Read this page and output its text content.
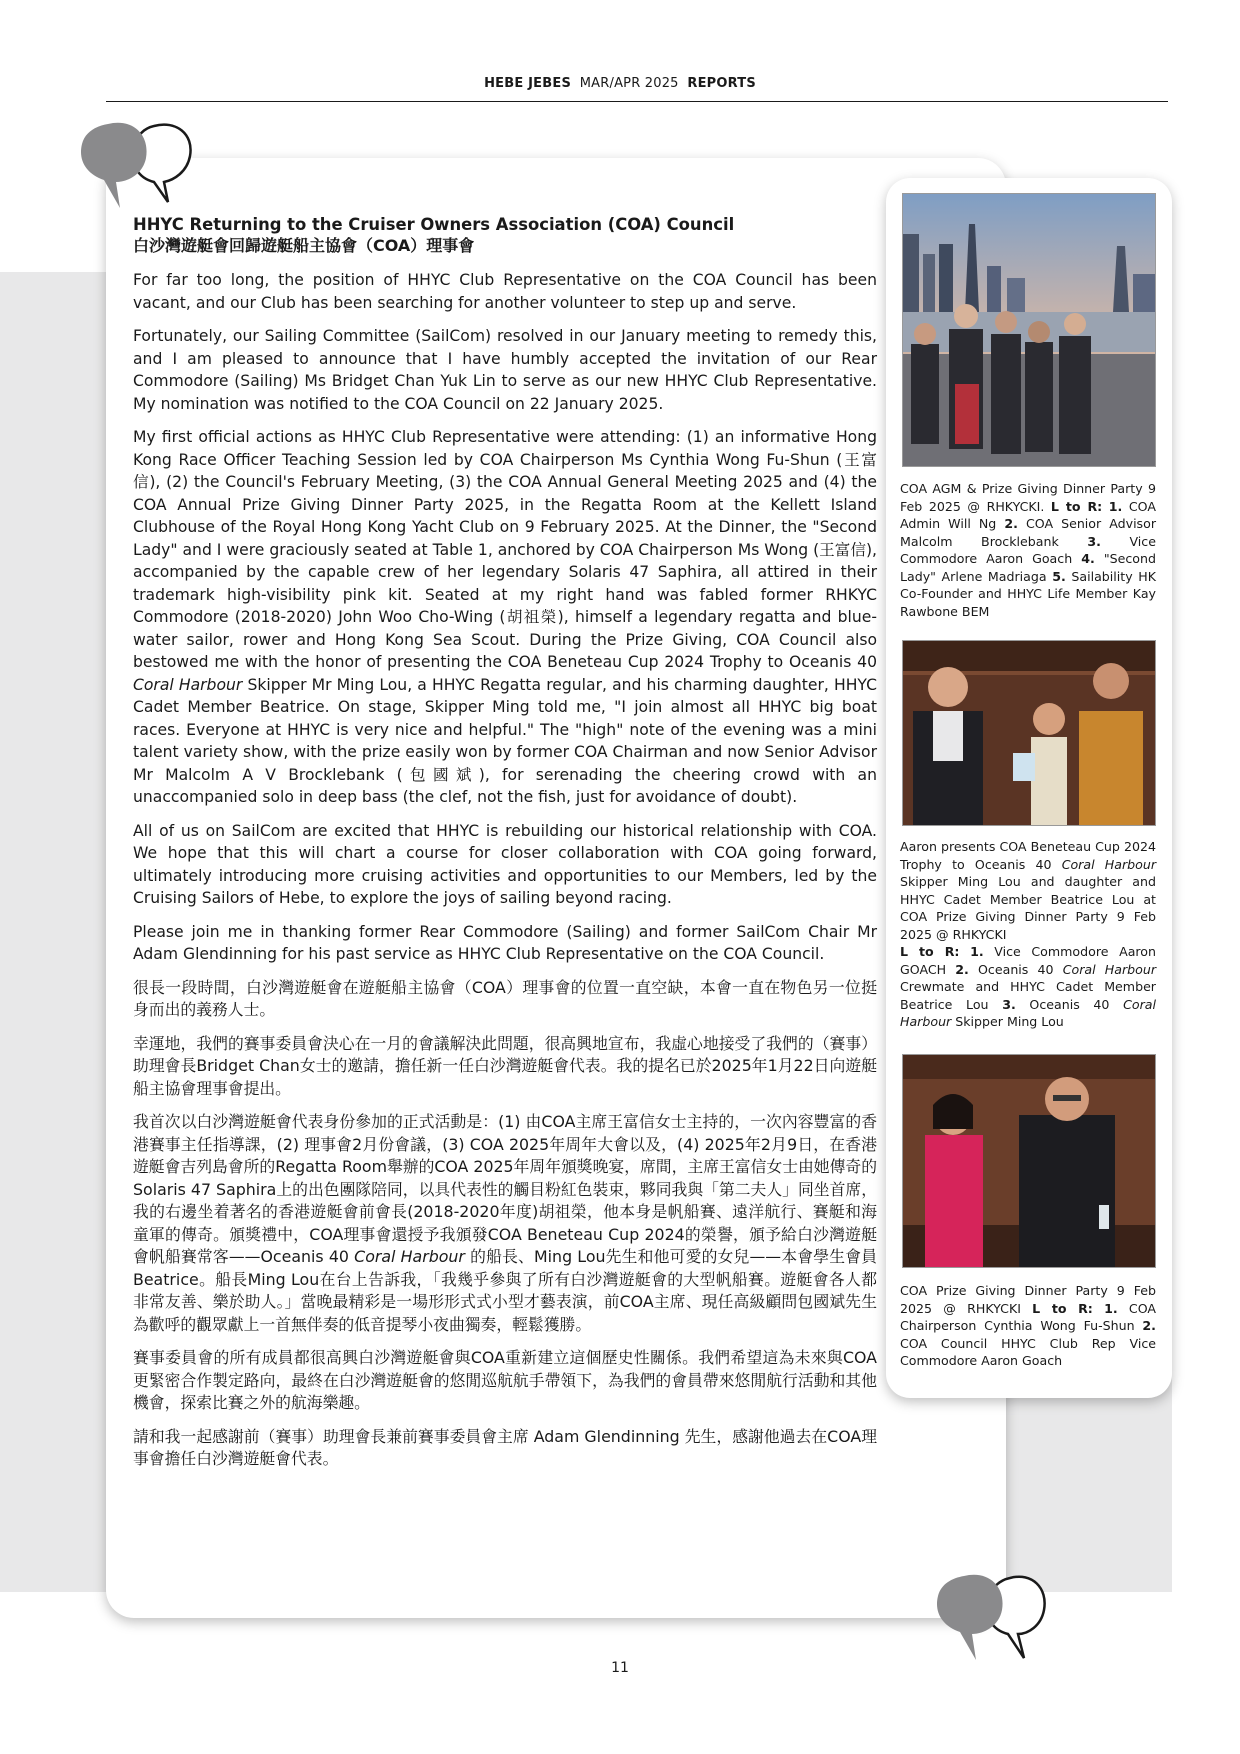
HEBE JEBES MAR/APR 2025 REPORTS
HHYC Returning to the Cruiser Owners Association (COA) Council
白沙灣遊艇會回歸遊艇船主協會（COA）理事會

For far too long, the position of HHYC Club Representative on the COA Council has been vacant, and our Club has been searching for another volunteer to step up and serve.

Fortunately, our Sailing Committee (SailCom) resolved in our January meeting to remedy this, and I am pleased to announce that I have humbly accepted the invitation of our Rear Commodore (Sailing) Ms Bridget Chan Yuk Lin to serve as our new HHYC Club Representative. My nomination was notified to the COA Council on 22 January 2025.

My first official actions as HHYC Club Representative were attending: (1) an informative Hong Kong Race Officer Teaching Session led by COA Chairperson Ms Cynthia Wong Fu-Shun (王富信), (2) the Council's February Meeting, (3) the COA Annual General Meeting 2025 and (4) the COA Annual Prize Giving Dinner Party 2025, in the Regatta Room at the Kellett Island Clubhouse of the Royal Hong Kong Yacht Club on 9 February 2025. At the Dinner, the "Second Lady" and I were graciously seated at Table 1, anchored by COA Chairperson Ms Wong (王富信), accompanied by the capable crew of her legendary Solaris 47 Saphira, all attired in their trademark high-visibility pink kit. Seated at my right hand was fabled former RHKYC Commodore (2018-2020) John Woo Cho-Wing (胡祖榮), himself a legendary regatta and blue-water sailor, rower and Hong Kong Sea Scout. During the Prize Giving, COA Council also bestowed me with the honor of presenting the COA Beneteau Cup 2024 Trophy to Oceanis 40 Coral Harbour Skipper Mr Ming Lou, a HHYC Regatta regular, and his charming daughter, HHYC Cadet Member Beatrice. On stage, Skipper Ming told me, "I join almost all HHYC big boat races. Everyone at HHYC is very nice and helpful." The "high" note of the evening was a mini talent variety show, with the prize easily won by former COA Chairman and now Senior Advisor Mr Malcolm A V Brocklebank (包國斌), for serenading the cheering crowd with an unaccompanied solo in deep bass (the clef, not the fish, just for avoidance of doubt).

All of us on SailCom are excited that HHYC is rebuilding our historical relationship with COA. We hope that this will chart a course for closer collaboration with COA going forward, ultimately introducing more cruising activities and opportunities to our Members, led by the Cruising Sailors of Hebe, to explore the joys of sailing beyond racing.

Please join me in thanking former Rear Commodore (Sailing) and former SailCom Chair Mr Adam Glendinning for his past service as HHYC Club Representative on the COA Council.

很長一段時間，白沙灣遊艇會在遊艇船主協會（COA）理事會的位置一直空缺，本會一直在物色另一位挺身而出的義務人士。

幸運地，我們的賽事委員會決心在一月的會議解決此問題，很高興地宣布，我虛心地接受了我們的（賽事）助理會長Bridget Chan女士的邀請，擔任新一任白沙灣遊艇會代表。我的提名已於2025年1月22日向遊艇船主協會理事會提出。

我首次以白沙灣遊艇會代表身份參加的正式活動是：(1) 由COA主席王富信女士主持的，一次內容豐富的香港賽事主任指導課，(2) 理事會2月份會議，(3) COA 2025年周年大會以及，(4) 2025年2月9日，在香港遊艇會吉列島會所的Regatta Room舉辦的COA 2025年周年頒獎晚宴，席間，主席王富信女士由她傳奇的Solaris 47 Saphira上的出色團隊陪同，以具代表性的觸目粉紅色裝束，夥同我與「第二夫人」同坐首席，我的右邊坐着著名的香港遊艇會前會長(2018-2020年度)胡祖榮，他本身是帆船賽、遠洋航行、賽艇和海童軍的傳奇。頒獎禮中，COA理事會還授予我頒發COA Beneteau Cup 2024的榮譽，頒予給白沙灣遊艇會帆船賽常客——Oceanis 40 Coral Harbour 的船長、Ming Lou先生和他可愛的女兒——本會學生會員Beatrice。船長Ming Lou在台上告訴我，「我幾乎參與了所有白沙灣遊艇會的大型帆船賽。遊艇會各人都非常友善、樂於助人。」當晚最精彩是一場形形式式小型才藝表演，前COA主席、現任高級顧問包國斌先生為歡呼的觀眾獻上一首無伴奏的低音提琴小夜曲獨奏，輕鬆獲勝。

賽事委員會的所有成員都很高興白沙灣遊艇會與COA重新建立這個歷史性關係。我們希望這為未來與COA更緊密合作製定路向，最終在白沙灣遊艇會的悠閒巡航航手帶領下，為我們的會員帶來悠閒航行活動和其他機會，探索比賽之外的航海樂趣。

請和我一起感謝前（賽事）助理會長兼前賽事委員會主席 Adam Glendinning 先生，感謝他過去在COA理事會擔任白沙灣遊艇會代表。

COA AGM & Prize Giving Dinner Party 9 Feb 2025 @ RHKYCKI. L to R: 1. COA Admin Will Ng 2. COA Senior Advisor Malcolm Brocklebank 3. Vice Commodore Aaron Goach 4. "Second Lady" Arlene Madriaga 5. Sailability HK Co-Founder and HHYC Life Member Kay Rawbone BEM

Aaron presents COA Beneteau Cup 2024 Trophy to Oceanis 40 Coral Harbour Skipper Ming Lou and daughter and HHYC Cadet Member Beatrice Lou at COA Prize Giving Dinner Party 9 Feb 2025 @ RHKYCKI
L to R: 1. Vice Commodore Aaron GOACH 2. Oceanis 40 Coral Harbour Crewmate and HHYC Cadet Member Beatrice Lou 3. Oceanis 40 Coral Harbour Skipper Ming Lou

COA Prize Giving Dinner Party 9 Feb 2025 @ RHKYCKI L to R: 1. COA Chairperson Cynthia Wong Fu-Shun 2. COA Council HHYC Club Rep Vice Commodore Aaron Goach

11
